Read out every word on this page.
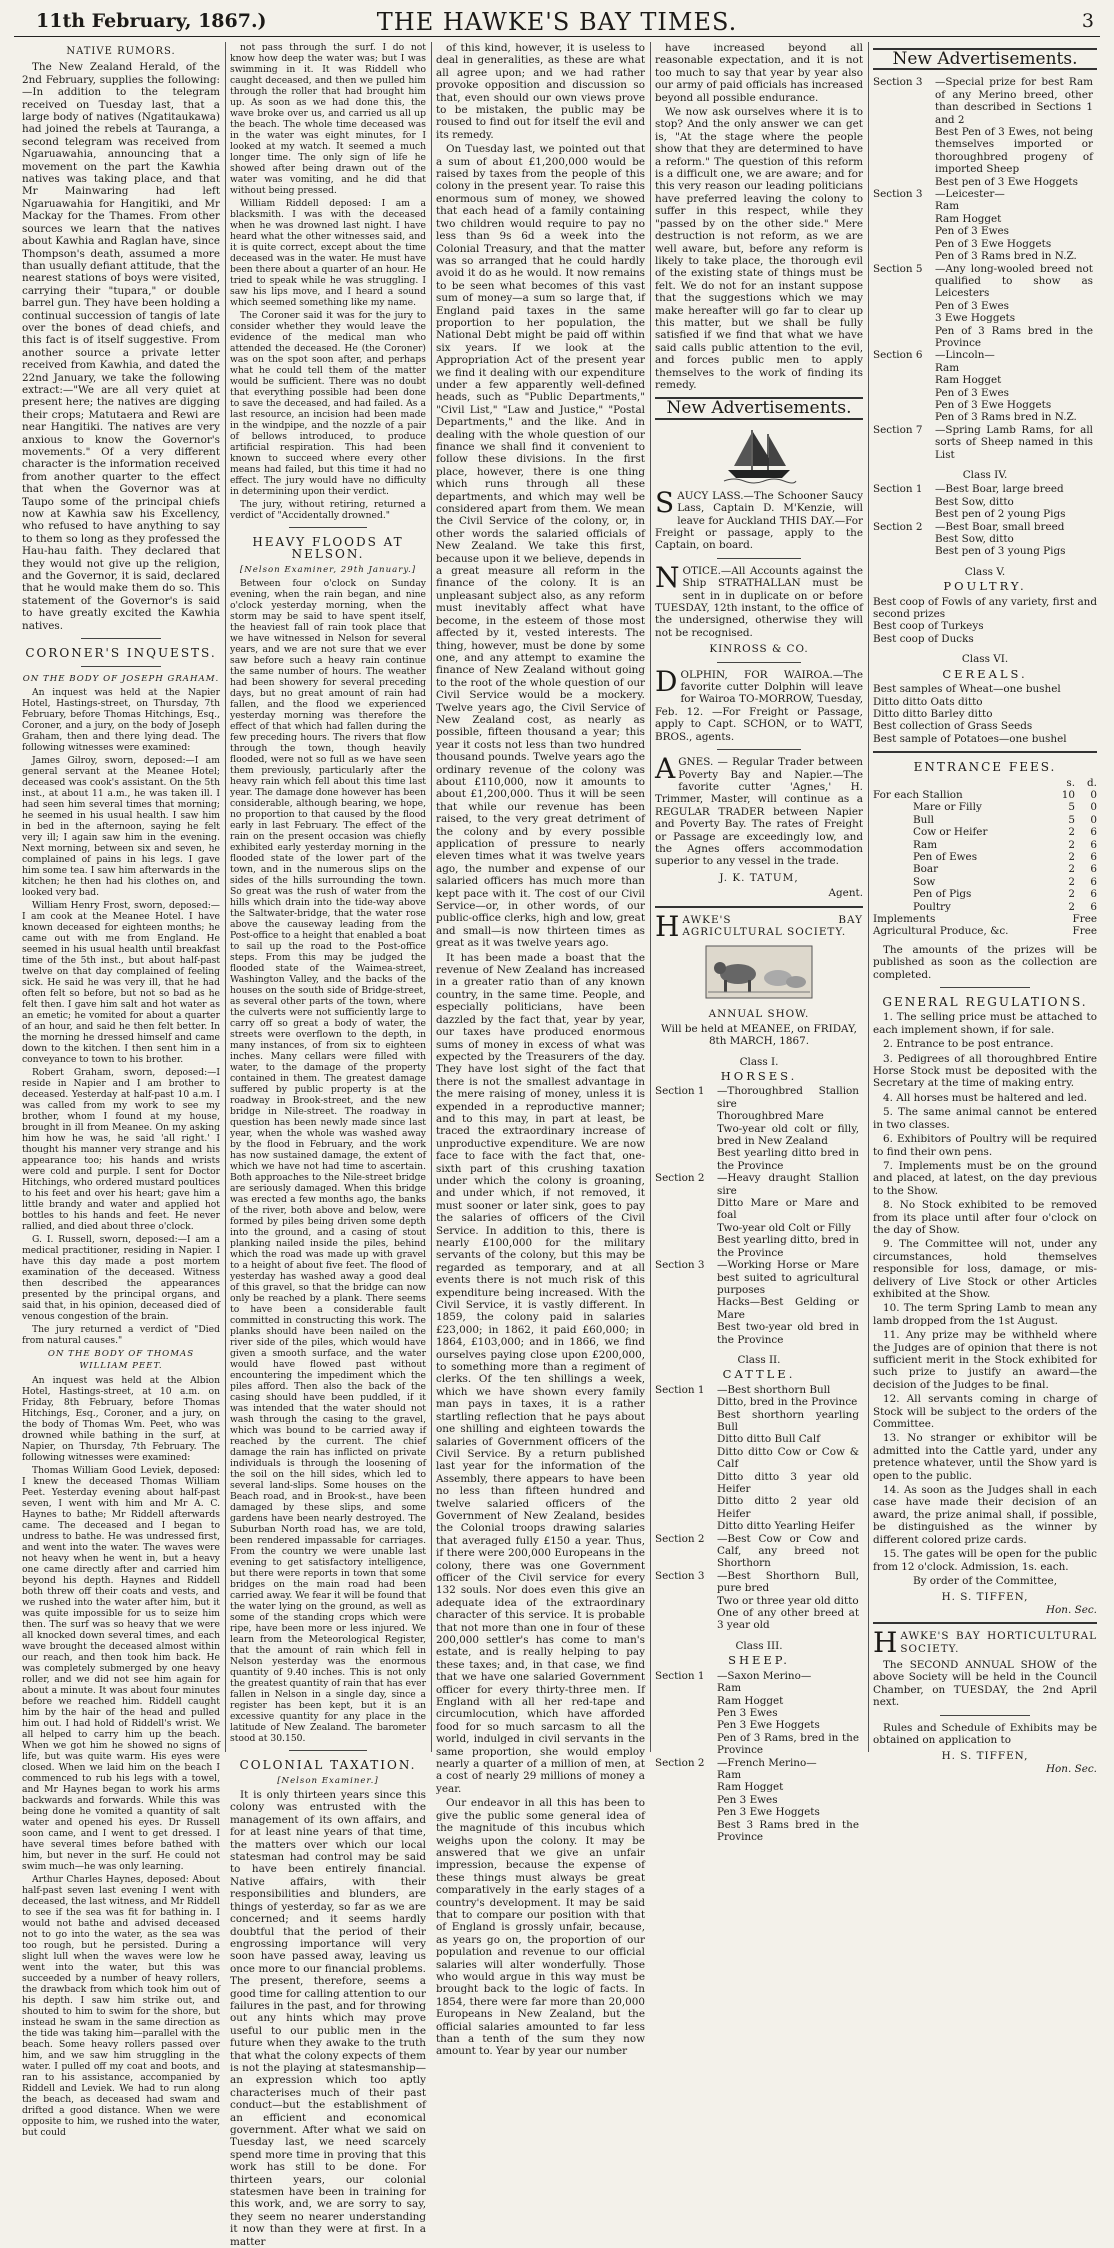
11th February, 1867.)	THE HAWKE'S BAY TIMES.	3
NATIVE RUMORS.

The New Zealand Herald, of the 2nd February, supplies the following:—In addition to the telegram received on Tuesday last, that a large body of natives (Ngatitaukawa) had joined the rebels at Tauranga, a second telegram was received from Ngaruawahia, announcing that a movement on the part the Kawhia natives was taking place, and that Mr Mainwaring had left Ngaruawahia for Hangitiki, and Mr Mackay for the Thames. From other sources we learn that the natives about Kawhia and Raglan have, since Thompson's death, assumed a more than usually defiant attitude, that the nearest stations of boys were visited, carrying their "tupara," or double barrel gun. They have been holding a continual succession of tangis of late over the bones of dead chiefs, and this fact is of itself suggestive. From another source a private letter received from Kawhia, and dated the 22nd January, we take the following extract:—"We are all very quiet at present here; the natives are digging their crops; Matutaera and Rewi are near Hangitiki. The natives are very anxious to know the Governor's movements." Of a very different character is the information received from another quarter to the effect that when the Governor was at Taupo some of the principal chiefs now at Kawhia saw his Excellency, who refused to have anything to say to them so long as they professed the Hau-hau faith. They declared that they would not give up the religion, and the Governor, it is said, declared that he would make them do so. This statement of the Governor's is said to have greatly excited the Kawhia natives.

CORONER'S INQUESTS.
ON THE BODY OF JOSEPH GRAHAM.

An inquest was held at the Napier Hotel, Hastings-street, on Thursday, 7th February, before Thomas Hitchings, Esq., Coroner, and a jury, on the body of Joseph Graham, then and there lying dead. The following witnesses were examined:

James Gilroy, sworn, deposed:—I am general servant at the Meanee Hotel; deceased was cook's assistant. On the 5th inst., at about 11 a.m., he was taken ill. I had seen him several times that morning; he seemed in his usual health. I saw him in bed in the afternoon, saying he felt very ill; I again saw him in the evening. Next morning, between six and seven, he complained of pains in his legs. I gave him some tea. I saw him afterwards in the kitchen; he then had his clothes on, and looked very bad.

William Henry Frost, sworn, deposed:—I am cook at the Meanee Hotel. I have known deceased for eighteen months; he came out with me from England. He seemed in his usual health until breakfast time of the 5th inst., but about half-past twelve on that day complained of feeling sick. He said he was very ill, that he had often felt so before, but not so bad as he felt then. I gave him salt and hot water as an emetic; he vomited for about a quarter of an hour, and said he then felt better. In the morning he dressed himself and came down to the kitchen. I then sent him in a conveyance to town to his brother.

Robert Graham, sworn, deposed:—I reside in Napier and I am brother to deceased. Yesterday at half-past 10 a.m. I was called from my work to see my brother, whom I found at my house, brought in ill from Meanee. On my asking him how he was, he said 'all right.' I thought his manner very strange and his appearance too; his hands and wrists were cold and purple. I sent for Doctor Hitchings, who ordered mustard poultices to his feet and over his heart; gave him a little brandy and water and applied hot bottles to his hands and feet. He never rallied, and died about three o'clock.

G. I. Russell, sworn, deposed:—I am a medical practitioner, residing in Napier. I have this day made a post mortem examination of the deceased. Witness then described the appearances presented by the principal organs, and said that, in his opinion, deceased died of venous congestion of the brain.

The jury returned a verdict of "Died from natural causes."

ON THE BODY OF THOMAS WILLIAM PEET.

An inquest was held at the Albion Hotel, Hastings-street, at 10 a.m. on Friday, 8th February, before Thomas Hitchings, Esq., Coroner, and a jury, on the body of Thomas Wm. Peet, who was drowned while bathing in the surf, at Napier, on Thursday, 7th February. The following witnesses were examined:

Thomas William Good Leviek, deposed: I knew the deceased Thomas William Peet. Yesterday evening about half-past seven, I went with him and Mr A. C. Haynes to bathe; Mr Riddell afterwards came. The deceased and I began to undress to bathe. He was undressed first, and went into the water. The waves were not heavy when he went in, but a heavy one came directly after and carried him beyond his depth. Haynes and Riddell both threw off their coats and vests, and we rushed into the water after him, but it was quite impossible for us to seize him then. The surf was so heavy that we were all knocked down several times, and each wave brought the deceased almost within our reach, and then took him back. He was completely submerged by one heavy roller, and we did not see him again for about a minute. It was about four minutes before we reached him. Riddell caught him by the hair of the head and pulled him out. I had hold of Riddell's wrist. We all helped to carry him up the beach. When we got him he showed no signs of life, but was quite warm. His eyes were closed. When we laid him on the beach I commenced to rub his legs with a towel, and Mr Haynes began to work his arms backwards and forwards. While this was being done he vomited a quantity of salt water and opened his eyes. Dr Russell soon came, and I went to get dressed. I have several times before bathed with him, but never in the surf. He could not swim much—he was only learning.

Arthur Charles Haynes, deposed: About half-past seven last evening I went with deceased, the last witness, and Mr Riddell to see if the sea was fit for bathing in. I would not bathe and advised deceased not to go into the water, as the sea was too rough, but he persisted. During a slight lull when the waves were low he went into the water, but this was succeeded by a number of heavy rollers, the drawback from which took him out of his depth. I saw him strike out, and shouted to him to swim for the shore, but instead he swam in the same direction as the tide was taking him—parallel with the beach. Some heavy rollers passed over him, and we saw him struggling in the water. I pulled off my coat and boots, and ran to his assistance, accompanied by Riddell and Leviek. We had to run along the beach, as deceased had swam and drifted a good distance. When we were opposite to him, we rushed into the water, but could

not pass through the surf. I do not know how deep the water was; but I was swimming in it. It was Riddell who caught deceased, and then we pulled him through the roller that had brought him up. As soon as we had done this, the wave broke over us, and carried us all up the beach. The whole time deceased was in the water was eight minutes, for I looked at my watch. It seemed a much longer time. The only sign of life he showed after being drawn out of the water was vomiting, and he did that without being pressed.

William Riddell deposed: I am a blacksmith. I was with the deceased when he was drowned last night. I have heard what the other witnesses said, and it is quite correct, except about the time deceased was in the water. He must have been there about a quarter of an hour. He tried to speak while he was struggling. I saw his lips move, and I heard a sound which seemed something like my name.

The Coroner said it was for the jury to consider whether they would leave the evidence of the medical man who attended the deceased. He (the Coroner) was on the spot soon after, and perhaps what he could tell them of the matter would be sufficient. There was no doubt that everything possible had been done to save the deceased, and had failed. As a last resource, an incision had been made in the windpipe, and the nozzle of a pair of bellows introduced, to produce artificial respiration. This had been known to succeed where every other means had failed, but this time it had no effect. The jury would have no difficulty in determining upon their verdict.

The jury, without retiring, returned a verdict of "Accidentally drowned."

HEAVY FLOODS AT NELSON.
[Nelson Examiner, 29th January.]

Between four o'clock on Sunday evening, when the rain began, and nine o'clock yesterday morning, when the storm may be said to have spent itself, the heaviest fall of rain took place that we have witnessed in Nelson for several years, and we are not sure that we ever saw before such a heavy rain continue the same number of hours. The weather had been showery for several preceding days, but no great amount of rain had fallen, and the flood we experienced yesterday morning was therefore the effect of that which had fallen during the few preceding hours. The rivers that flow through the town, though heavily flooded, were not so full as we have seen them previously, particularly after the heavy rain which fell about this time last year. The damage done however has been considerable, although bearing, we hope, no proportion to that caused by the flood early in last February. The effect of the rain on the present occasion was chiefly exhibited early yesterday morning in the flooded state of the lower part of the town, and in the numerous slips on the sides of the hills surrounding the town. So great was the rush of water from the hills which drain into the tide-way above the Saltwater-bridge, that the water rose above the causeway leading from the Post-office to a height that enabled a boat to sail up the road to the Post-office steps. From this may be judged the flooded state of the Waimea-street, Washington Valley, and the backs of the houses on the south side of Bridge-street, as several other parts of the town, where the culverts were not sufficiently large to carry off so great a body of water, the streets were overflown to the depth, in many instances, of from six to eighteen inches. Many cellars were filled with water, to the damage of the property contained in them. The greatest damage suffered by public property is at the roadway in Brook-street, and the new bridge in Nile-street. The roadway in question has been newly made since last year, when the whole was washed away by the flood in February, and the work has now sustained damage, the extent of which we have not had time to ascertain. Both approaches to the Nile-street bridge are seriously damaged. When this bridge was erected a few months ago, the banks of the river, both above and below, were formed by piles being driven some depth into the ground, and a casing of stout planking nailed inside the piles, behind which the road was made up with gravel to a height of about five feet. The flood of yesterday has washed away a good deal of this gravel, so that the bridge can now only be reached by a plank. There seems to have been a considerable fault committed in constructing this work. The planks should have been nailed on the river side of the piles, which would have given a smooth surface, and the water would have flowed past without encountering the impediment which the piles afford. Then also the back of the casing should have been puddled, if it was intended that the water should not wash through the casing to the gravel, which was bound to be carried away if reached by the current. The chief damage the rain has inflicted on private individuals is through the loosening of the soil on the hill sides, which led to several land-slips. Some houses on the Beach road, and in Brook-st., have been damaged by these slips, and some gardens have been nearly destroyed. The Suburban North road has, we are told, been rendered impassable for carriages. From the country we were unable last evening to get satisfactory intelligence, but there were reports in town that some bridges on the main road had been carried away. We fear it will be found that the water lying on the ground, as well as some of the standing crops which were ripe, have been more or less injured. We learn from the Meteorological Register, that the amount of rain which fell in Nelson yesterday was the enormous quantity of 9.40 inches. This is not only the greatest quantity of rain that has ever fallen in Nelson in a single day, since a register has been kept, but it is an excessive quantity for any place in the latitude of New Zealand. The barometer stood at 30.150.

COLONIAL TAXATION.
[Nelson Examiner.]

It is only thirteen years since this colony was entrusted with the management of its own affairs, and for at least nine years of that time, the matters over which our local statesman had control may be said to have been entirely financial. Native affairs, with their responsibilities and blunders, are things of yesterday, so far as we are concerned; and it seems hardly doubtful that the period of their engrossing importance will very soon have passed away, leaving us once more to our financial problems. The present, therefore, seems a good time for calling attention to our failures in the past, and for throwing out any hints which may prove useful to our public men in the future when they awake to the truth that what the colony expects of them is not the playing at statesmanship—an expression which too aptly characterises much of their past conduct—but the establishment of an efficient and economical government. After what we said on Tuesday last, we need scarcely spend more time in proving that this work has still to be done. For thirteen years, our colonial statesmen have been in training for this work, and, we are sorry to say, they seem no nearer understanding it now than they were at first. In a matter

of this kind, however, it is useless to deal in generalities, as these are what all agree upon; and we had rather provoke opposition and discussion so that, even should our own views prove to be mistaken, the public may be roused to find out for itself the evil and its remedy.

On Tuesday last, we pointed out that a sum of about £1,200,000 would be raised by taxes from the people of this colony in the present year. To raise this enormous sum of money, we showed that each head of a family containing two children would require to pay no less than 9s 6d a week into the Colonial Treasury, and that the matter was so arranged that he could hardly avoid it do as he would. It now remains to be seen what becomes of this vast sum of money—a sum so large that, if England paid taxes in the same proportion to her population, the National Debt might be paid off within six years. If we look at the Appropriation Act of the present year we find it dealing with our expenditure under a few apparently well-defined heads, such as "Public Departments," "Civil List," "Law and Justice," "Postal Departments," and the like. And in dealing with the whole question of our finance we shall find it convenient to follow these divisions. In the first place, however, there is one thing which runs through all these departments, and which may well be considered apart from them. We mean the Civil Service of the colony, or, in other words the salaried officials of New Zealand. We take this first, because upon it we believe, depends in a great measure all reform in the finance of the colony. It is an unpleasant subject also, as any reform must inevitably affect what have become, in the esteem of those most affected by it, vested interests. The thing, however, must be done by some one, and any attempt to examine the finance of New Zealand without going to the root of the whole question of our Civil Service would be a mockery. Twelve years ago, the Civil Service of New Zealand cost, as nearly as possible, fifteen thousand a year; this year it costs not less than two hundred thousand pounds. Twelve years ago the ordinary revenue of the colony was about £110,000, now it amounts to about £1,200,000. Thus it will be seen that while our revenue has been raised, to the very great detriment of the colony and by every possible application of pressure to nearly eleven times what it was twelve years ago, the number and expense of our salaried officers has much more than kept pace with it. The cost of our Civil Service—or, in other words, of our public-office clerks, high and low, great and small—is now thirteen times as great as it was twelve years ago.

It has been made a boast that the revenue of New Zealand has increased in a greater ratio than of any known country, in the same time. People, and especially politicians, have been dazzled by the fact that, year by year, our taxes have produced enormous sums of money in excess of what was expected by the Treasurers of the day. They have lost sight of the fact that there is not the smallest advantage in the mere raising of money, unless it is expended in a reproductive manner; and to this may, in part at least, be traced the extraordinary increase of unproductive expenditure. We are now face to face with the fact that, one-sixth part of this crushing taxation under which the colony is groaning, and under which, if not removed, it must sooner or later sink, goes to pay the salaries of officers of the Civil Service. In addition to this, there is nearly £100,000 for the military servants of the colony, but this may be regarded as temporary, and at all events there is not much risk of this expenditure being increased. With the Civil Service, it is vastly different. In 1859, the colony paid in salaries £23,000; in 1862, it paid £60,000; in 1864, £103,000; and in 1866, we find ourselves paying close upon £200,000, to something more than a regiment of clerks. Of the ten shillings a week, which we have shown every family man pays in taxes, it is a rather startling reflection that he pays about one shilling and eighteen towards the salaries of Government officers of the Civil Service. By a return published last year for the information of the Assembly, there appears to have been no less than fifteen hundred and twelve salaried officers of the Government of New Zealand, besides the Colonial troops drawing salaries that averaged fully £150 a year. Thus, if there were 200,000 Europeans in the colony, there was one Government officer of the Civil service for every 132 souls. Nor does even this give an adequate idea of the extraordinary character of this service. It is probable that not more than one in four of these 200,000 settler's has come to man's estate, and is really helping to pay these taxes; and, in that case, we find that we have one salaried Government officer for every thirty-three men. If England with all her red-tape and circumlocution, which have afforded food for so much sarcasm to all the world, indulged in civil servants in the same proportion, she would employ nearly a quarter of a million of men, at a cost of nearly 29 millions of money a year.

Our endeavor in all this has been to give the public some general idea of the magnitude of this incubus which weighs upon the colony. It may be answered that we give an unfair impression, because the expense of these things must always be great comparatively in the early stages of a country's development. It may be said that to compare our position with that of England is grossly unfair, because, as years go on, the proportion of our population and revenue to our official salaries will alter wonderfully. Those who would argue in this way must be brought back to the logic of facts. In 1854, there were far more than 20,000 Europeans in New Zealand, but the official salaries amounted to far less than a tenth of the sum they now amount to. Year by year our number

have increased beyond all reasonable expectation, and it is not too much to say that year by year also our army of paid officials has increased beyond all possible endurance.

We now ask ourselves where it is to stop? And the only answer we can get is, "At the stage where the people show that they are determined to have a reform." The question of this reform is a difficult one, we are aware; and for this very reason our leading politicians have preferred leaving the colony to suffer in this respect, while they "passed by on the other side." Mere destruction is not reform, as we are well aware, but, before any reform is likely to take place, the thorough evil of the existing state of things must be felt. We do not for an instant suppose that the suggestions which we may make hereafter will go far to clear up this matter, but we shall be fully satisfied if we find that what we have said calls public attention to the evil, and forces public men to apply themselves to the work of finding its remedy.

New Advertisements.
S AUCY LASS.—The Schooner Saucy Lass, Captain D. M'Kenzie, will leave for Auckland THIS DAY.—For Freight or passage, apply to the Captain, on board.
N OTICE.—All Accounts against the Ship STRATHALLAN must be sent in in duplicate on or before TUESDAY, 12th instant, to the office of the undersigned, otherwise they will not be recognised.
KINROSS & CO.
D OLPHIN, FOR WAIROA.—The favorite cutter Dolphin will leave for Wairoa TO-MORROW, Tuesday, Feb. 12. —For Freight or Passage, apply to Capt. SCHON, or to WATT, BROS., agents.
A GNES. — Regular Trader between Poverty Bay and Napier.—The favorite cutter 'Agnes,' H. Trimmer, Master, will continue as a REGULAR TRADER between Napier and Poverty Bay. The rates of Freight or Passage are exceedingly low, and the Agnes offers accommodation superior to any vessel in the trade.
J. K. TATUM,
Agent.
H AWKE'S BAY AGRICULTURAL SOCIETY.
ANNUAL SHOW.
Will be held at MEANEE, on FRIDAY, 8th MARCH, 1867.
Class I.
HORSES.
Section 1 —Thoroughbred Stallion sire
Thoroughbred Mare
Two-year old colt or filly, bred in New Zealand
Best yearling ditto bred in the Province
Section 2 —Heavy draught Stallion sire
Ditto Mare or Mare and foal
Two-year old Colt or Filly
Best yearling ditto, bred in the Province
Section 3 —Working Horse or Mare best suited to agricultural purposes
Hacks—Best Gelding or Mare
Best two-year old bred in the Province
Class II.
CATTLE.
Section 1 —Best shorthorn Bull
Ditto, bred in the Province
Best shorthorn yearling Bull
Ditto ditto Bull Calf
Ditto ditto Cow or Cow & Calf
Ditto ditto 3 year old Heifer
Ditto ditto 2 year old Heifer
Ditto ditto Yearling Heifer
Section 2 —Best Cow or Cow and Calf, any breed not Shorthorn
Section 3 —Best Shorthorn Bull, pure bred
Two or three year old ditto
One of any other breed at 3 year old
Class III.
SHEEP.
Section 1 —Saxon Merino—
Ram
Ram Hogget
Pen 3 Ewes
Pen 3 Ewe Hoggets
Pen of 3 Rams, bred in the Province
Section 2 —French Merino—
Ram
Ram Hogget
Pen 3 Ewes
Pen 3 Ewe Hoggets
Best 3 Rams bred in the Province
New Advertisements.
Section 3 —Special prize for best Ram of any Merino breed, other than described in Sections 1 and 2
Best Pen of 3 Ewes, not being themselves imported or thoroughbred progeny of imported Sheep
Best pen of 3 Ewe Hoggets
Section 3 —Leicester—
Ram
Ram Hogget
Pen of 3 Ewes
Pen of 3 Ewe Hoggets
Pen of 3 Rams bred in N.Z.
Section 5 —Any long-wooled breed not qualified to show as Leicesters
Pen of 3 Ewes
3 Ewe Hoggets
Pen of 3 Rams bred in the Province
Section 6 —Lincoln—
Ram
Ram Hogget
Pen of 3 Ewes
Pen of 3 Ewe Hoggets
Pen of 3 Rams bred in N.Z.
Section 7 —Spring Lamb Rams, for all sorts of Sheep named in this List
Class IV.
Section 1 —Best Boar, large breed
Best Sow, ditto
Best pen of 2 young Pigs
Section 2 —Best Boar, small breed
Best Sow, ditto
Best pen of 3 young Pigs
Class V.
POULTRY.
Best coop of Fowls of any variety, first and second prizes
Best coop of Turkeys
Best coop of Ducks
Class VI.
CEREALS.
Best samples of Wheat—one bushel
Ditto ditto Oats ditto
Ditto ditto Barley ditto
Best collection of Grass Seeds
Best sample of Potatoes—one bushel
ENTRANCE FEES.
	s.	d.
For each Stallion	10	0
Mare or Filly	5	0
Bull	5	0
Cow or Heifer	2	6
Ram	2	6
Pen of Ewes	2	6
Boar	2	6
Sow	2	6
Pen of Pigs	2	6
Poultry	2	6
Implements	Free	
Agricultural Produce, &c.	Free	

The amounts of the prizes will be published as soon as the collection are completed.

GENERAL REGULATIONS.

1. The selling price must be attached to each implement shown, if for sale.

2. Entrance to be post entrance.

3. Pedigrees of all thoroughbred Entire Horse Stock must be deposited with the Secretary at the time of making entry.

4. All horses must be haltered and led.

5. The same animal cannot be entered in two classes.

6. Exhibitors of Poultry will be required to find their own pens.

7. Implements must be on the ground and placed, at latest, on the day previous to the Show.

8. No Stock exhibited to be removed from its place until after four o'clock on the day of Show.

9. The Committee will not, under any circumstances, hold themselves responsible for loss, damage, or mis-delivery of Live Stock or other Articles exhibited at the Show.

10. The term Spring Lamb to mean any lamb dropped from the 1st August.

11. Any prize may be withheld where the Judges are of opinion that there is not sufficient merit in the Stock exhibited for such prize to justify an award—the decision of the Judges to be final.

12. All servants coming in charge of Stock will be subject to the orders of the Committee.

13. No stranger or exhibitor will be admitted into the Cattle yard, under any pretence whatever, until the Show yard is open to the public.

14. As soon as the Judges shall in each case have made their decision of an award, the prize animal shall, if possible, be distinguished as the winner by different colored prize cards.

15. The gates will be open for the public from 12 o'clock. Admission, 1s. each.

By order of the Committee,
H. S. TIFFEN,
Hon. Sec.
H AWKE'S BAY HORTICULTURAL SOCIETY.

The SECOND ANNUAL SHOW of the above Society will be held in the Council Chamber, on TUESDAY, the 2nd April next.

Rules and Schedule of Exhibits may be obtained on application to

H. S. TIFFEN,
Hon. Sec.
